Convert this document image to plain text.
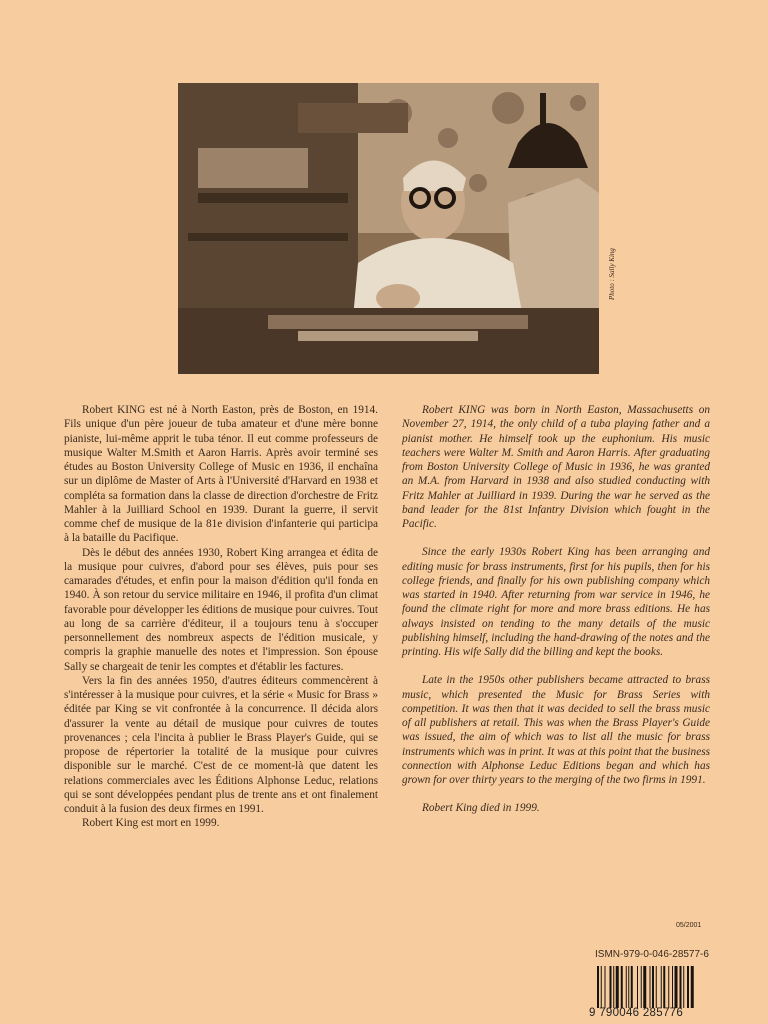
Photo : Sally King

Robert KING est né à North Easton, près de Boston, en 1914. Fils unique d'un père joueur de tuba amateur et d'une mère bonne pianiste, lui-même apprit le tuba ténor. Il eut comme professeurs de musique Walter M.Smith et Aaron Harris. Après avoir terminé ses études au Boston University College of Music en 1936, il enchaîna sur un diplôme de Master of Arts à l'Université d'Harvard en 1938 et compléta sa formation dans la classe de direction d'orchestre de Fritz Mahler à la Juilliard School en 1939. Durant la guerre, il servit comme chef de musique de la 81e division d'infanterie qui participa à la bataille du Pacifique.

Dès le début des années 1930, Robert King arrangea et édita de la musique pour cuivres, d'abord pour ses élèves, puis pour ses camarades d'études, et enfin pour la maison d'édition qu'il fonda en 1940. À son retour du service militaire en 1946, il profita d'un climat favorable pour développer les éditions de musique pour cuivres. Tout au long de sa carrière d'éditeur, il a toujours tenu à s'occuper personnellement des nombreux aspects de l'édition musicale, y compris la graphie manuelle des notes et l'impression. Son épouse Sally se chargeait de tenir les comptes et d'établir les factures.

Vers la fin des années 1950, d'autres éditeurs commencèrent à s'intéresser à la musique pour cuivres, et la série « Music for Brass » éditée par King se vit confrontée à la concurrence. Il décida alors d'assurer la vente au détail de musique pour cuivres de toutes provenances ; cela l'incita à publier le Brass Player's Guide, qui se propose de répertorier la totalité de la musique pour cuivres disponible sur le marché. C'est de ce moment-là que datent les relations commerciales avec les Éditions Alphonse Leduc, relations qui se sont développées pendant plus de trente ans et ont finalement conduit à la fusion des deux firmes en 1991.

Robert King est mort en 1999.

Robert KING was born in North Easton, Massachusetts on November 27, 1914, the only child of a tuba playing father and a pianist mother. He himself took up the euphonium. His music teachers were Walter M. Smith and Aaron Harris. After graduating from Boston University College of Music in 1936, he was granted an M.A. from Harvard in 1938 and also studied conducting with Fritz Mahler at Juilliard in 1939. During the war he served as the band leader for the 81st Infantry Division which fought in the Pacific.

Since the early 1930s Robert King has been arranging and editing music for brass instruments, first for his pupils, then for his college friends, and finally for his own publishing company which was started in 1940. After returning from war service in 1946, he found the climate right for more and more brass editions. He has always insisted on tending to the many details of the music publishing himself, including the hand-drawing of the notes and the printing. His wife Sally did the billing and kept the books.

Late in the 1950s other publishers became attracted to brass music, which presented the Music for Brass Series with competition. It was then that it was decided to sell the brass music of all publishers at retail. This was when the Brass Player's Guide was issued, the aim of which was to list all the music for brass instruments which was in print. It was at this point that the business connection with Alphonse Leduc Editions began and which has grown for over thirty years to the merging of the two firms in 1991.

Robert King died in 1999.

05/2001
ISMN-979-0-046-28577-6
9 790046 285776
